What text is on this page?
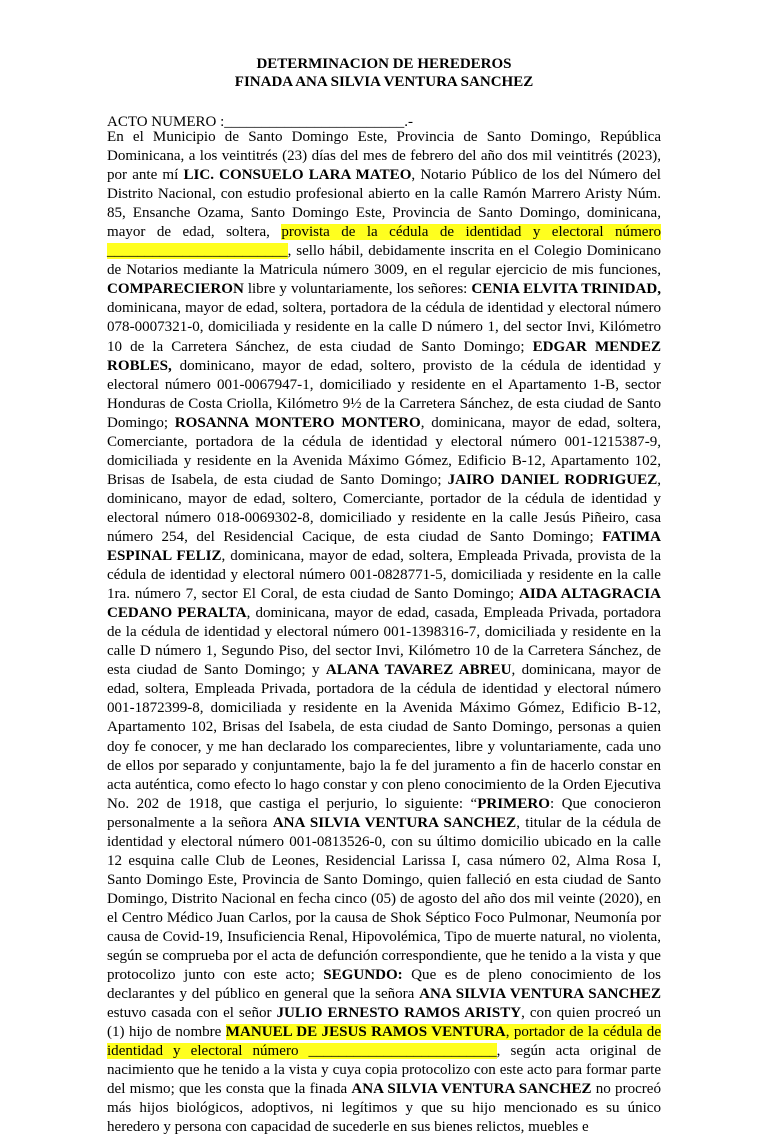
DETERMINACION DE HEREDEROS
FINADA ANA SILVIA VENTURA SANCHEZ
ACTO NUMERO :________________________.-
En el Municipio de Santo Domingo Este, Provincia de Santo Domingo, República Dominicana, a los veintitrés (23) días del mes de febrero del año dos mil veintitrés (2023), por ante mí LIC. CONSUELO LARA MATEO, Notario Público de los del Número del Distrito Nacional, con estudio profesional abierto en la calle Ramón Marrero Aristy Núm. 85, Ensanche Ozama, Santo Domingo Este, Provincia de Santo Domingo, dominicana, mayor de edad, soltera, provista de la cédula de identidad y electoral número ________________________, sello hábil, debidamente inscrita en el Colegio Dominicano de Notarios mediante la Matricula número 3009, en el regular ejercicio de mis funciones, COMPARECIERON libre y voluntariamente, los señores: CENIA ELVITA TRINIDAD, dominicana, mayor de edad, soltera, portadora de la cédula de identidad y electoral número 078-0007321-0, domiciliada y residente en la calle D número 1, del sector Invi, Kilómetro 10 de la Carretera Sánchez, de esta ciudad de Santo Domingo; EDGAR MENDEZ ROBLES, dominicano, mayor de edad, soltero, provisto de la cédula de identidad y electoral número 001-0067947-1, domiciliado y residente en el Apartamento 1-B, sector Honduras de Costa Criolla, Kilómetro 9½ de la Carretera Sánchez, de esta ciudad de Santo Domingo; ROSANNA MONTERO MONTERO, dominicana, mayor de edad, soltera, Comerciante, portadora de la cédula de identidad y electoral número 001-1215387-9, domiciliada y residente en la Avenida Máximo Gómez, Edificio B-12, Apartamento 102, Brisas de Isabela, de esta ciudad de Santo Domingo; JAIRO DANIEL RODRIGUEZ, dominicano, mayor de edad, soltero, Comerciante, portador de la cédula de identidad y electoral número 018-0069302-8, domiciliado y residente en la calle Jesús Piñeiro, casa número 254, del Residencial Cacique, de esta ciudad de Santo Domingo; FATIMA ESPINAL FELIZ, dominicana, mayor de edad, soltera, Empleada Privada, provista de la cédula de identidad y electoral número 001-0828771-5, domiciliada y residente en la calle 1ra. número 7, sector El Coral, de esta ciudad de Santo Domingo; AIDA ALTAGRACIA CEDANO PERALTA, dominicana, mayor de edad, casada, Empleada Privada, portadora de la cédula de identidad y electoral número 001-1398316-7, domiciliada y residente en la calle D número 1, Segundo Piso, del sector Invi, Kilómetro 10 de la Carretera Sánchez, de esta ciudad de Santo Domingo; y ALANA TAVAREZ ABREU, dominicana, mayor de edad, soltera, Empleada Privada, portadora de la cédula de identidad y electoral número 001-1872399-8, domiciliada y residente en la Avenida Máximo Gómez, Edificio B-12, Apartamento 102, Brisas del Isabela, de esta ciudad de Santo Domingo, personas a quien doy fe conocer, y me han declarado los comparecientes, libre y voluntariamente, cada uno de ellos por separado y conjuntamente, bajo la fe del juramento a fin de hacerlo constar en acta auténtica, como efecto lo hago constar y con pleno conocimiento de la Orden Ejecutiva No. 202 de 1918, que castiga el perjurio, lo siguiente: “PRIMERO: Que conocieron personalmente a la señora ANA SILVIA VENTURA SANCHEZ, titular de la cédula de identidad y electoral número 001-0813526-0, con su último domicilio ubicado en la calle 12 esquina calle Club de Leones, Residencial Larissa I, casa número 02, Alma Rosa I, Santo Domingo Este, Provincia de Santo Domingo, quien falleció en esta ciudad de Santo Domingo, Distrito Nacional en fecha cinco (05) de agosto del año dos mil veinte (2020), en el Centro Médico Juan Carlos, por la causa de Shok Séptico Foco Pulmonar, Neumonía por causa de Covid-19, Insuficiencia Renal, Hipovolémica, Tipo de muerte natural, no violenta, según se comprueba por el acta de defunción correspondiente, que he tenido a la vista y que protocolizo junto con este acto; SEGUNDO: Que es de pleno conocimiento de los declarantes y del público en general que la señora ANA SILVIA VENTURA SANCHEZ estuvo casada con el señor JULIO ERNESTO RAMOS ARISTY, con quien procreó un (1) hijo de nombre MANUEL DE JESUS RAMOS VENTURA, portador de la cédula de identidad y electoral número _________________________, según acta original de nacimiento que he tenido a la vista y cuya copia protocolizo con este acto para formar parte del mismo; que les consta que la finada ANA SILVIA VENTURA SANCHEZ no procreó más hijos biológicos, adoptivos, ni legítimos y que su hijo mencionado es su único heredero y persona con capacidad de sucederle en sus bienes relictos, muebles e
